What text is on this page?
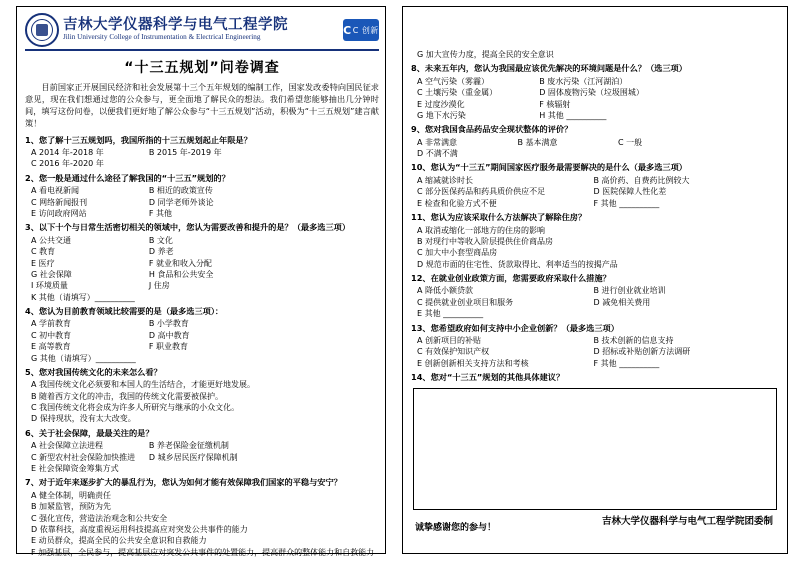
吉林大学仪器科学与电气工程学院
Jilin University College of Instrumentation & Electrical Engineering
C C 创新
“十三五规划”问卷调查
目前国家正开展国民经济和社会发展第十三个五年规划的编制工作，国家发改委特向国民征求意见，现在我们想通过您的公众参与，更全面地了解民众的想法。我们希望您能够抽出几分钟时间，填写这份问卷，以便我们更好地了解公众参与“十三五规划”活动，积极为“十三五规划”建言献策！
1、您了解十三五规划吗，我国所指的十三五规划起止年限是？
A 2014 年-2018 年	B 2015 年-2019 年
C 2016 年-2020 年
2、您一般是通过什么途径了解我国的“十三五”规划的？
A 看电视新闻	B 相近的政策宣传
C 网络新闻报刊	D 同学老师外谈论
E 访问政府网站	F 其他
3、以下十个与日常生活密切相关的领域中，您认为需要改善和提升的是？（最多选三项）
A 公共交通	B 文化
C 教育	D 养老
E 医疗	F 就业和收入分配
G 社会保障	H 食品和公共安全
I 环境质量	J 住房
K 其他（请填写）__________
4、您认为目前教育领域比较需要的是（最多选三项）：
A 学前教育	B 小学教育
C 初中教育	D 高中教育
E 高等教育	F 职业教育
G 其他（请填写）__________
5、您对我国传统文化的未来怎么看？
A 我国传统文化必须要和本国人的生活结合，才能更好地发展。
B 随着西方文化的冲击，我国的传统文化需要被保护。
C 我国传统文化将会成为许多人所研究与继承的小众文化。
D 保持现状，没有太大改变。
6、关于社会保障，最最关注的是？
A 社会保障立法进程	B 养老保险金征缴机制
C 新型农村社会保险加快推进	D 城乡居民医疗保障机制
E 社会保障资金筹集方式
7、对于近年来逐步扩大的暴乱行为，您认为如何才能有效保障我们国家的平稳与安宁？
A 健全体制，明确责任
B 加紧监管，预防为先
C 强化宣传，营造法治观念和公共安全
D 依靠科技，高度重视运用科技提高应对突发公共事件的能力
E 动员群众，提高全民的公共安全意识和自救能力
F 加强基层，全民参与，提高基层应对突发公共事件的处置能力，提高群众的整体能力和自救能力
G 加大宣传力度，提高全民的安全意识
8、未来五年内，您认为我国最应该优先解决的环境问题是什么？（选三项）
A 空气污染（雾霾）	B 废水污染（江河湖泊）
C 土壤污染（重金属）	D 固体废物污染（垃圾围城）
E 过度沙漠化	F 核辐射
G 地下水污染	H 其他 __________
9、您对我国食品药品安全现状整体的评价？
A 非常满意	B 基本满意	C 一般
D 不满不满
10、您认为“十三五”期间国家医疗服务最需要解决的是什么（最多选三项）
A 缩减就诊时长	B 高价药、自费药比例较大
C 部分医保药品和药具质价供应不足	D 医院保障人性化差
E 检查和化验方式不便	F 其他 __________
11、您认为应该采取什么方法解决了解除住房？
A 取消或缩化一部地方的住房的影响
B 对现行中等收入阶层提供住价商品房
C 加大中小套型商品房
D 规范市面的住宅性、货款取得比、利率适当的按揭产品
12、在就业创业政策方面，您需要政府采取什么措施？
A 降低小额贷款	B 进行创业就业培训
C 提供就业创业项目和服务	D 减免相关费用
E 其他 __________
13、您希望政府如何支持中小企业创新？（最多选三项）
A 创新项目的补贴	B 技术创新的信息支持
C 有效保护知识产权	D 招标或补贴创新方法调研
E 创新创新相关支持方法和考核	F 其他 __________
14、您对“十三五”规划的其他具体建议？
诚挚感谢您的参与！
吉林大学仪器科学与电气工程学院团委制
